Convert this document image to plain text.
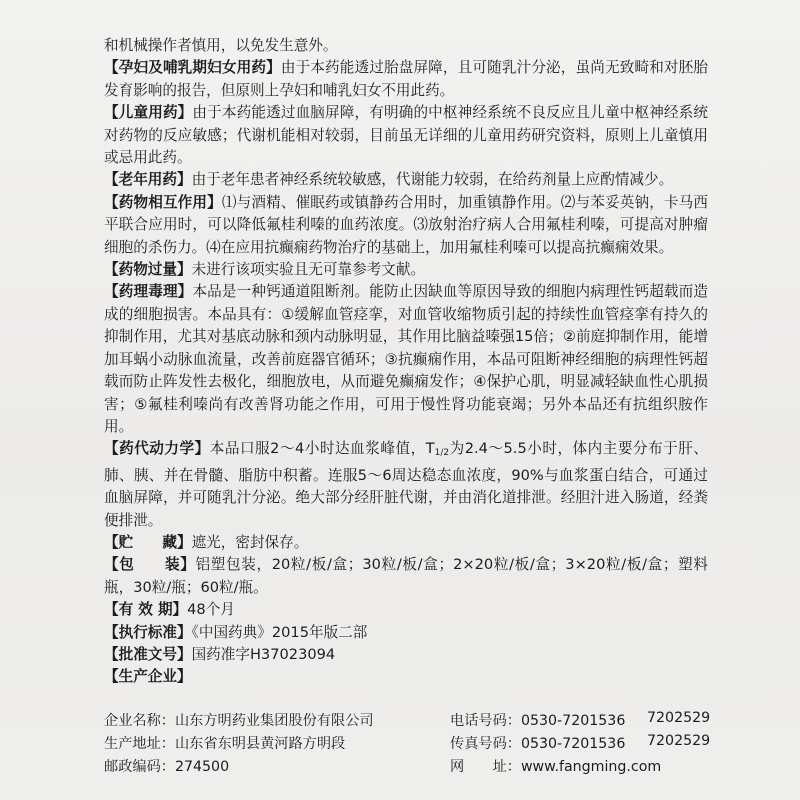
和机械操作者慎用，以免发生意外。

【孕妇及哺乳期妇女用药】由于本药能透过胎盘屏障，且可随乳汁分泌，虽尚无致畸和对胚胎发育影响的报告，但原则上孕妇和哺乳妇女不用此药。

【儿童用药】由于本药能透过血脑屏障，有明确的中枢神经系统不良反应且儿童中枢神经系统对药物的反应敏感；代谢机能相对较弱，目前虽无详细的儿童用药研究资料，原则上儿童慎用或忌用此药。

【老年用药】由于老年患者神经系统较敏感，代谢能力较弱，在给药剂量上应酌情减少。

【药物相互作用】⑴与酒精、催眠药或镇静药合用时，加重镇静作用。⑵与苯妥英钠，卡马西平联合应用时，可以降低氟桂利嗪的血药浓度。⑶放射治疗病人合用氟桂利嗪，可提高对肿瘤细胞的杀伤力。⑷在应用抗癫痫药物治疗的基础上，加用氟桂利嗪可以提高抗癫痫效果。

【药物过量】未进行该项实验且无可靠参考文献。

【药理毒理】本品是一种钙通道阻断剂。能防止因缺血等原因导致的细胞内病理性钙超载而造成的细胞损害。本品具有：①缓解血管痉挛，对血管收缩物质引起的持续性血管痉挛有持久的抑制作用，尤其对基底动脉和颈内动脉明显，其作用比脑益嗪强15倍；②前庭抑制作用，能增加耳蜗小动脉血流量，改善前庭器官循环；③抗癫痫作用，本品可阻断神经细胞的病理性钙超载而防止阵发性去极化，细胞放电，从而避免癫痫发作；④保护心肌，明显减轻缺血性心肌损害；⑤氟桂利嗪尚有改善肾功能之作用，可用于慢性肾功能衰竭；另外本品还有抗组织胺作用。

【药代动力学】本品口服2～4小时达血浆峰值，$T_{1/2}$为2.4～5.5小时，体内主要分布于肝、肺、胰、并在骨髓、脂肪中积蓄。连服5～6周达稳态血浓度，90%与血浆蛋白结合，可通过血脑屏障，并可随乳汁分泌。绝大部分经肝脏代谢，并由消化道排泄。经胆汁进入肠道，经粪便排泄。

【贮　　藏】遮光，密封保存。

【包　　装】铝塑包装，20粒/板/盒；30粒/板/盒；2×20粒/板/盒；3×20粒/板/盒；塑料瓶，30粒/瓶；60粒/瓶。

【有 效 期】48个月

【执行标准】《中国药典》2015年版二部

【批准文号】国药准字H37023094

【生产企业】

企业名称：山东方明药业集团股份有限公司	电话号码：0530-7201536 7202529
生产地址：山东省东明县黄河路方明段	传真号码：0530-7201536 7202529
邮政编码：274500	网　　址：www.fangming.com
